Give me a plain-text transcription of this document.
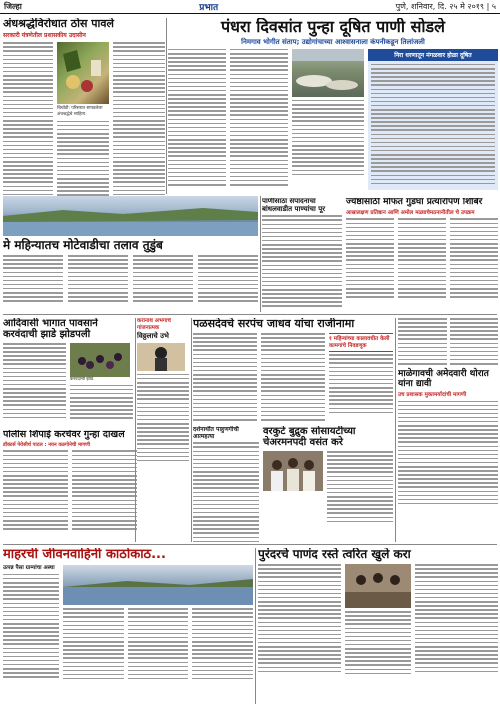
जिल्हा	प्रभात	पुणे, शनिवार, दि. २५ मे २०१९ | ५
अंधश्रद्धेविरोधात ठोस पावले
सरकारी यंत्रणेतील प्रशासकीय उदासीन
चिचोंडी: परिसरात सापडलेला अंधश्रद्धेचे साहित्य.
पंधरा दिवसांत पुन्हा दूषित पाणी सोडले
निमगाव भोगीत संताप; उद्योगांचाच्या आश्वासनाला कंपनीकडून तिलांजली
निरा धरणातून मंगळवार होळा दूषित
मे महिन्यातच मोटेवाडीचा तलाव तुडुंब
पाणीसाठा संपादनाचा बांधलवाडीत पाण्यांचा पूर
ज्येष्ठांसाठी मोफत गुडघा प्रत्यारोपण शिबिर
आस्रालक्षण प्रतिष्ठान आणि अमोल मळ्याचेमठनानीतील चे उपक्रम
आदिवासी भागात पावसाने करवंदाची झाडे झोडपली
करवंदाची झाडे.
करांनाथ अभंगांचे गांजनात्मक
विठ्ठलाचे उभे
पळसदेवचे सरपंच जाधव यांचा राजीनामा
१ महिन्यांच्या कालावधीत केली कामगांचे निवडणूक
माळेगावची अमेदवारी थोरात यांना द्यावी
उच प्रशासक मुक्तमर्यादांची मागणी
पोलीस शिपाई करचेवर गुन्हा दाखल
डॉक्टर्स पेयेसीर्थ पाटल : नयन वळगोनेची मागणी
दर्शनार्थीत पाहुणगीची आत्महत्या	वरकुटे बुद्रुक सोसायटीच्या चेअरमनपदी वसंत करे
माहरची जीवनवाहिनी काठोकाठ...
उत्पन्न पैसा ग्राम्यांचा अस्था
पुरंदरचे पाणंद रस्ते त्वरित खुले करा
